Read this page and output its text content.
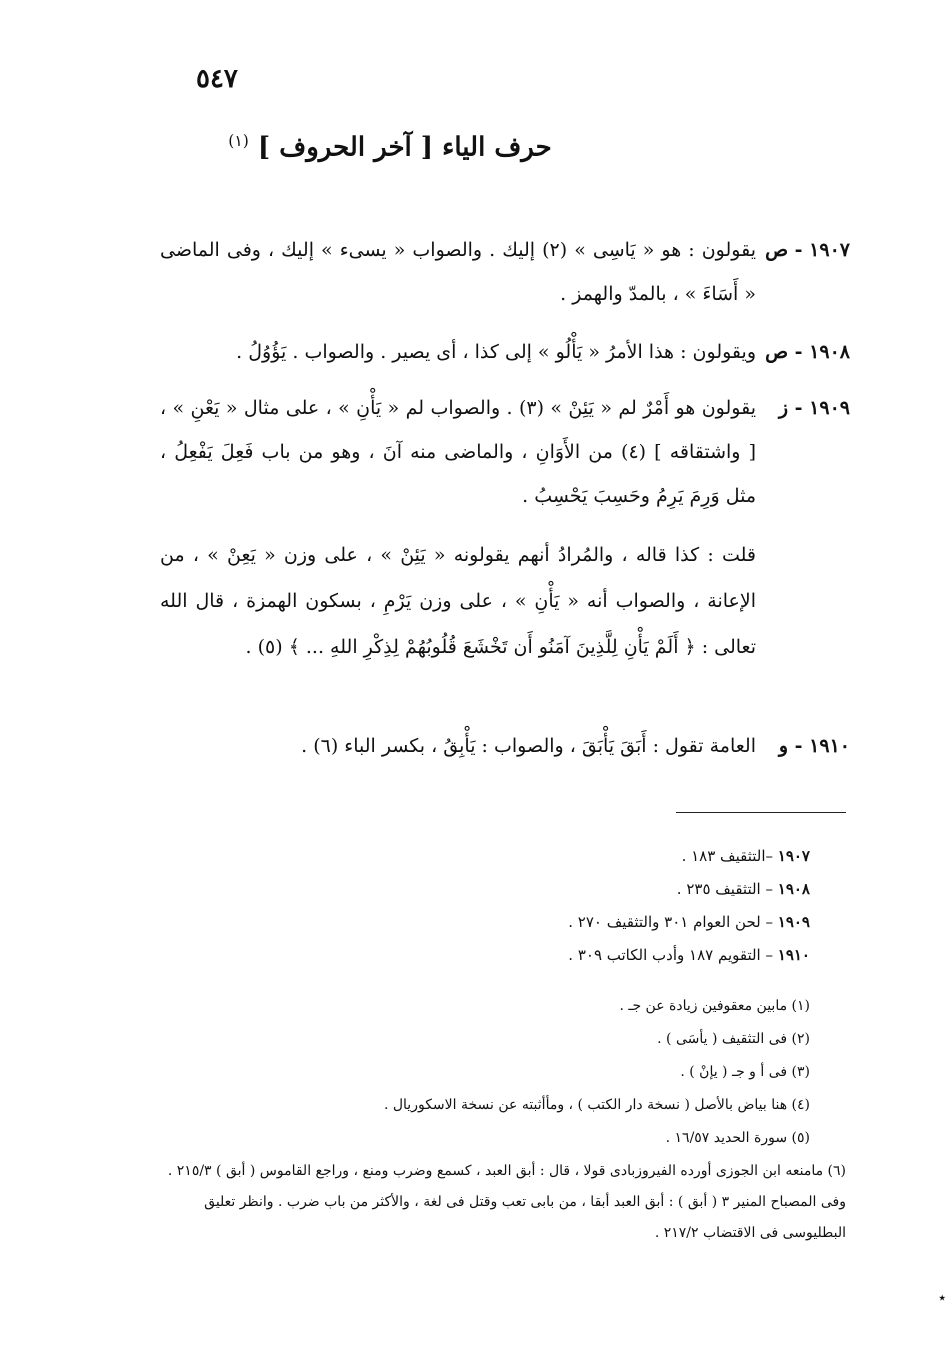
٥٤٧
حرف الياء [ آخر الحروف ] $^{(١)}$
١٩٠٧ - ص
يقولون : هو « يَاسِى » (٢) إليك . والصواب « يسىء » إليك ، وفى الماضى « أَسَاءَ » ، بالمدّ والهمز .
١٩٠٨ - ص
ويقولون : هذا الأمرُ « يَأْلُو » إلى كذا ، أى يصير . والصواب . يَؤُوُلُ .
١٩٠٩ - ز
يقولون هو أَمْرٌ لم « يَئِنْ » (٣) . والصواب لم « يَأْنِ » ، على مثال « يَعْنِ » ، [ واشتقاقه ] (٤) من الأَوَانِ ، والماضى منه آنَ ، وهو من باب فَعِلَ يَفْعِلُ ، مثل وَرِمَ يَرِمُ وحَسِبَ يَحْسِبُ .
قلت : كذا قاله ، والمُرادُ أنهم يقولونه « يَئِنْ » ، على وزن « يَعِنْ » ، من الإعانة ، والصواب أنه « يَأْنِ » ، على وزن يَرْمِ ، بسكون الهمزة ، قال الله تعالى : ﴿ أَلَمْ يَأْنِ لِلَّذِينَ آمَنُو أَن تَخْشَعَ قُلُوبُهُمْ لِذِكْرِ اللهِ ... ﴾ (٥) .
١٩١٠ - و
العامة تقول : أَبَقَ يَأْبَقَ ، والصواب : يَأْبِقُ ، بكسر الباء (٦) .
١٩٠٧ –التثقيف ١٨٣ .
١٩٠٨ – التثقيف ٢٣٥ .
١٩٠٩ – لحن العوام ٣٠١ والتثقيف ٢٧٠ .
١٩١٠ – التقويم ١٨٧ وأدب الكاتب ٣٠٩ .
(١) مابين معقوفين زيادة عن جـ .
(٢) فى التثقيف ( يأسَى ) .
(٣) فى أ و جـ ( يإنْ ) .
(٤) هنا بياض بالأصل ( نسخة دار الكتب ) ، ومأأثبته عن نسخة الاسكوريال .
(٥) سورة الحديد ١٦/٥٧ .
(٦) مامنعه ابن الجوزى أورده الفيروزبادى قولا ، قال : أبق العبد ، كسمع وضرب ومنع ، وراجع القاموس ( أبق ) ٢١٥/٣ . وفى المصباح المنير ٣ ( أبق ) : أبق العبد أبقا ، من بابى تعب وقتل فى لغة ، والأكثر من باب ضرب . وانظر تعليق البطليوسى فى الاقتضاب ٢١٧/٢ .
٭
